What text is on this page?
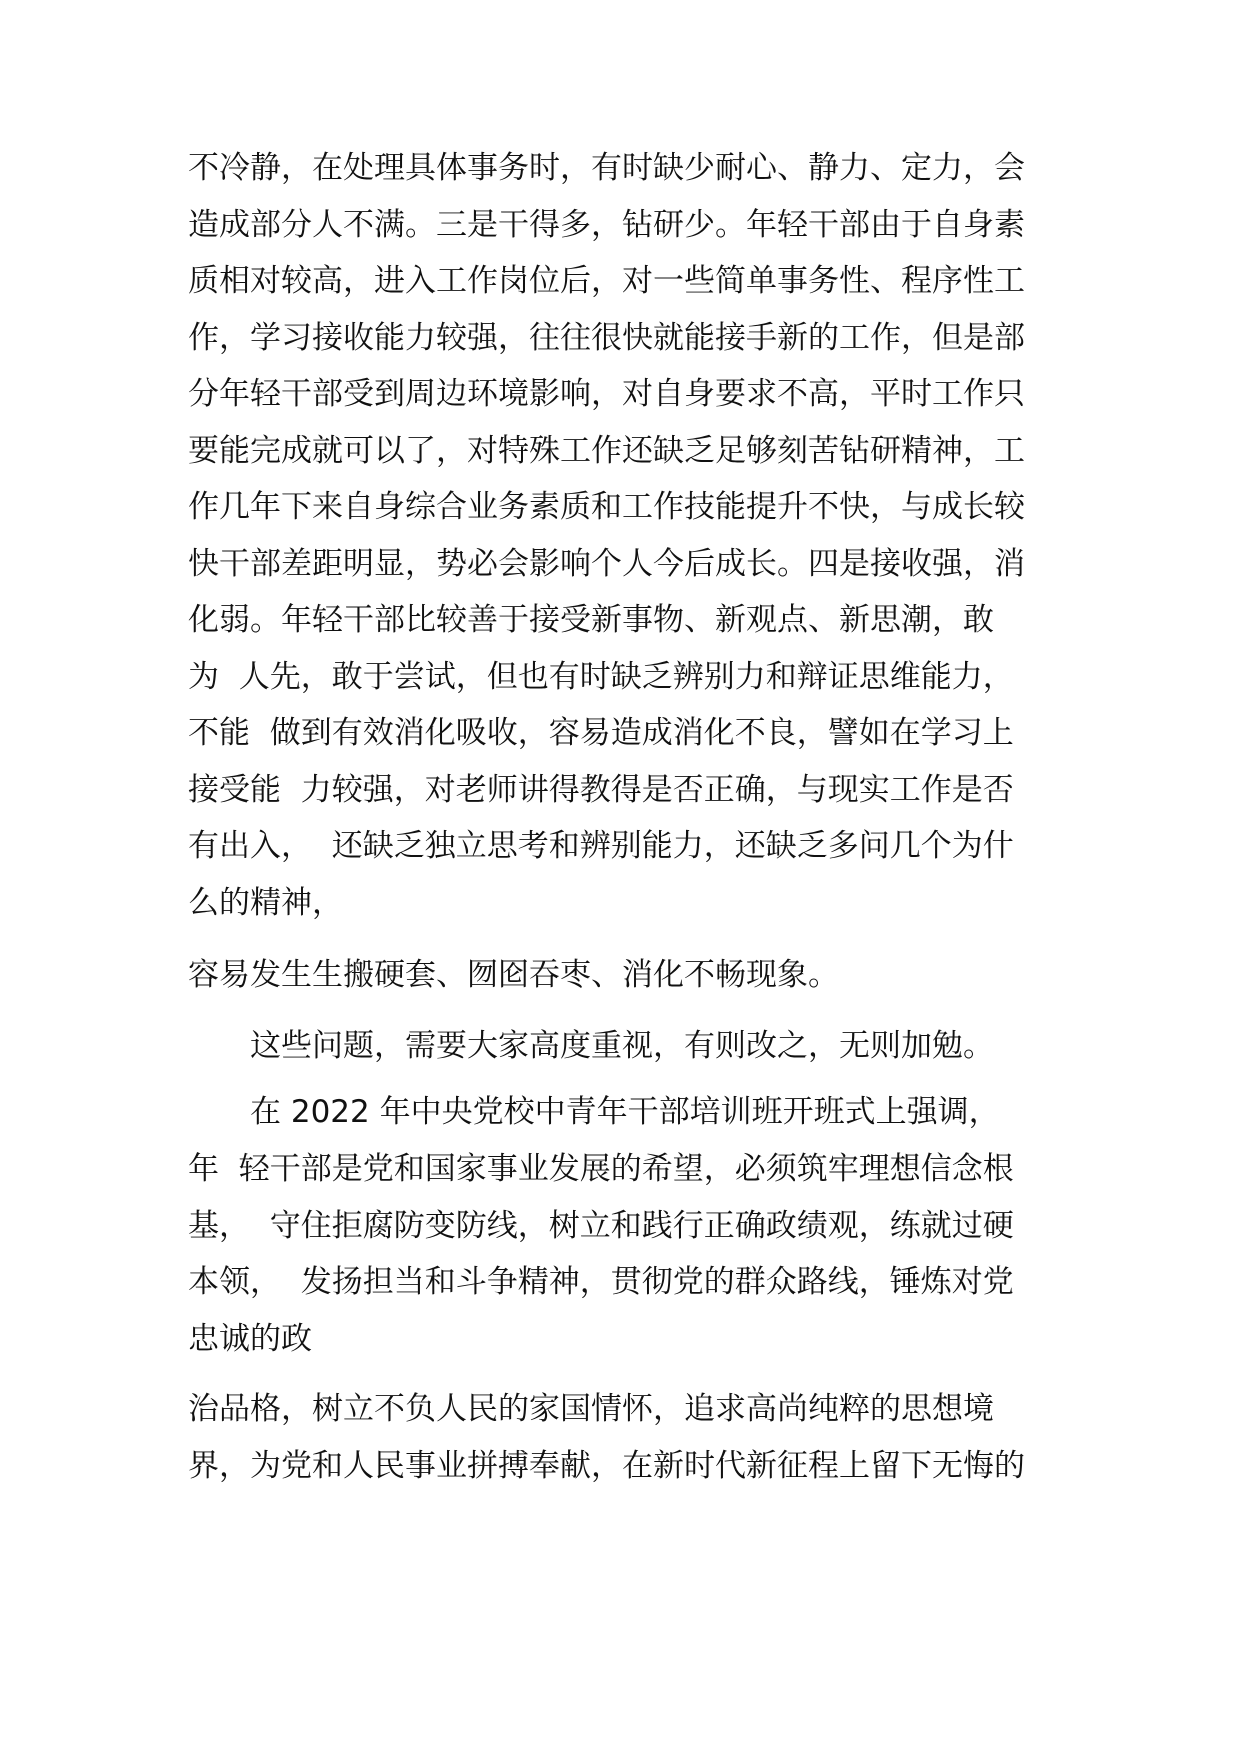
不冷静，在处理具体事务时，有时缺少耐心、静力、定力，会

造成部分人不满。三是干得多，钻研少。年轻干部由于自身素

质相对较高，进入工作岗位后，对一些简单事务性、程序性工

作，学习接收能力较强，往往很快就能接手新的工作，但是部

分年轻干部受到周边环境影响，对自身要求不高，平时工作只

要能完成就可以了，对特殊工作还缺乏足够刻苦钻研精神，工

作几年下来自身综合业务素质和工作技能提升不快，与成长较

快干部差距明显，势必会影响个人今后成长。四是接收强，消

化弱。年轻干部比较善于接受新事物、新观点、新思潮，敢

为  人先，敢于尝试，但也有时缺乏辨别力和辩证思维能力，

不能  做到有效消化吸收，容易造成消化不良，譬如在学习上

接受能  力较强，对老师讲得教得是否正确，与现实工作是否

有出入，  还缺乏独立思考和辨别能力，还缺乏多问几个为什

么的精神，

容易发生生搬硬套、囫囵吞枣、消化不畅现象。

　　这些问题，需要大家高度重视，有则改之，无则加勉。

　　在 2022 年中央党校中青年干部培训班开班式上强调，

年  轻干部是党和国家事业发展的希望，必须筑牢理想信念根

基，  守住拒腐防变防线，树立和践行正确政绩观，练就过硬

本领，  发扬担当和斗争精神，贯彻党的群众路线，锤炼对党

忠诚的政

治品格，树立不负人民的家国情怀，追求高尚纯粹的思想境

界，为党和人民事业拼搏奉献，在新时代新征程上留下无悔的
